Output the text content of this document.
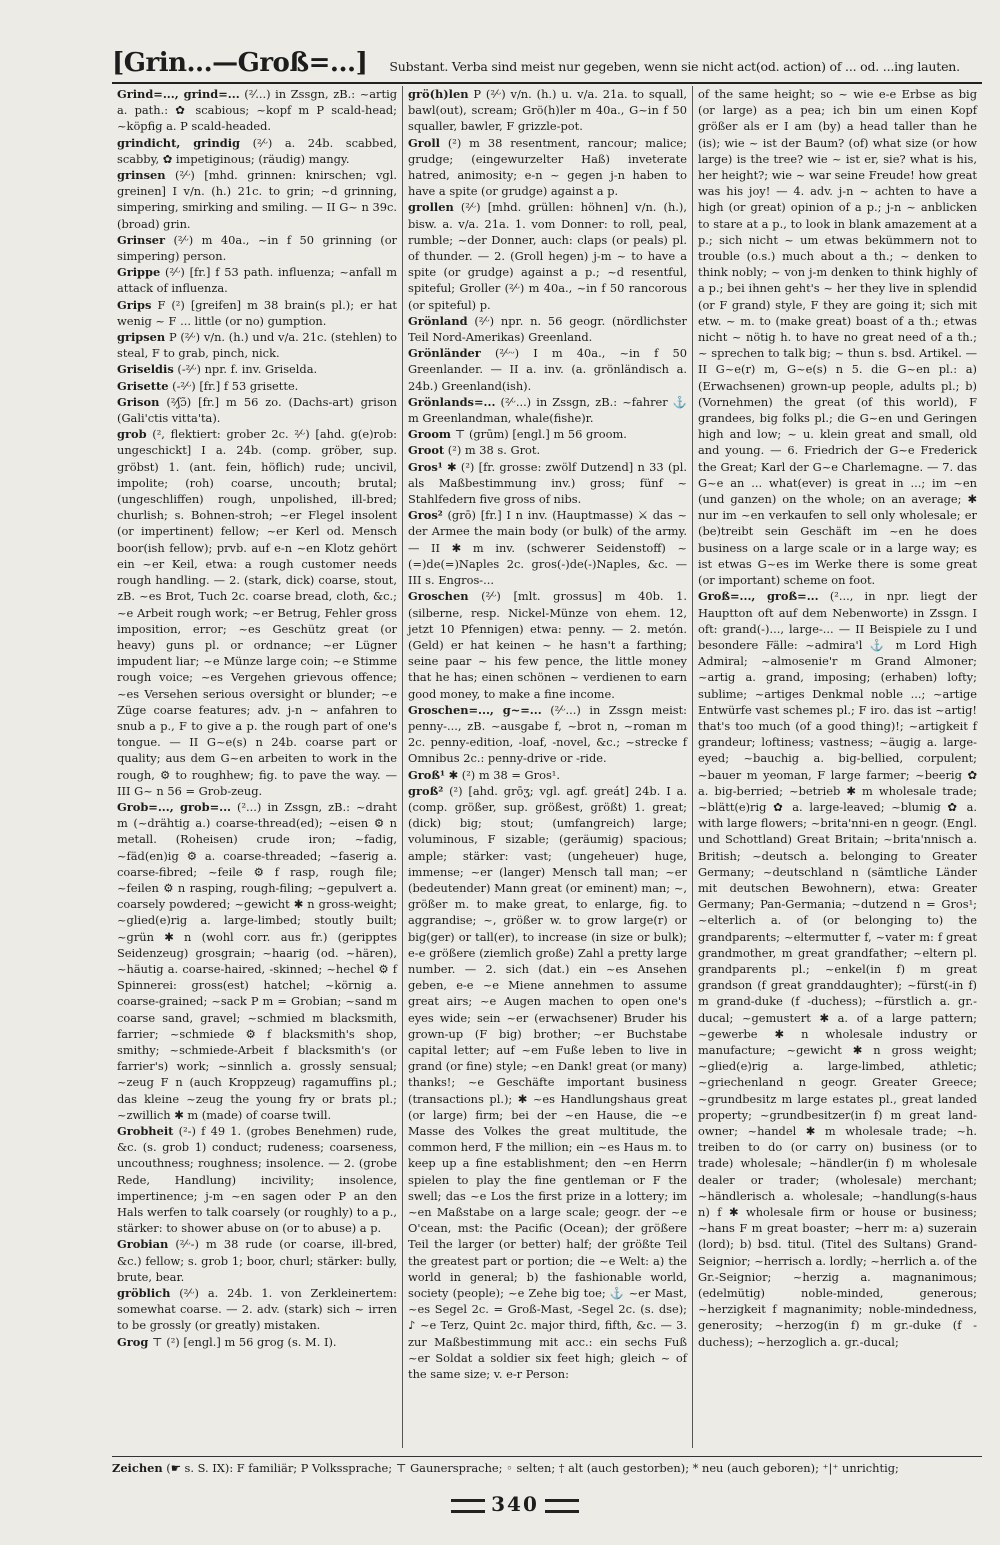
[Grin...—Groß=...] Substant. Verba sind meist nur gegeben, wenn sie nicht act(od. action) of ... od. ...ing lauten.

Grind=..., grind=... (²⁄...) in Zssgn, zB.: ~artig a. path.: ✿ scabious; ~kopf m P scald-head; ~köpfig a. P scald-headed.

grindicht, grindig (²⁄ᵕ) a. 24b. scabbed, scabby, ✿ impetiginous; (räudig) mangy.

grinsen (²⁄ᵕ) [mhd. grinnen: knirschen; vgl. greinen] I v/n. (h.) 21c. to grin; ~d grinning, simpering, smirking and smiling. — II G~ n 39c. (broad) grin.

Grinser (²⁄ᵕ) m 40a., ~in f 50 grinning (or simpering) person.

Grippe (²⁄ᵕ) [fr.] f 53 path. influenza; ~anfall m attack of influenza.

Grips F (²) [greifen] m 38 brain(s pl.); er hat wenig ~ F ... little (or no) gumption.

gripsen P (²⁄ᵕ) v/n. (h.) und v/a. 21c. (stehlen) to steal, F to grab, pinch, nick.

Griseldis (-²⁄ᵕ) npr. f. inv. Griselda.

Grisette (-²⁄ᵕ) [fr.] f 53 grisette.

Grison (²⁄ʃɔ̃) [fr.] m 56 zo. (Dachs-art) grison (Gali'ctis vitta'ta).

grob (², flektiert: grober 2c. ²⁄ᵕ) [ahd. g(e)rob: ungeschickt] I a. 24b. (comp. gröber, sup. gröbst) 1. (ant. fein, höflich) rude; uncivil, impolite; (roh) coarse, uncouth; brutal; (ungeschliffen) rough, unpolished, ill-bred; churlish; s. Bohnen-stroh; ~er Flegel insolent (or impertinent) fellow; ~er Kerl od. Mensch boor(ish fellow); prvb. auf e-n ~en Klotz gehört ein ~er Keil, etwa: a rough customer needs rough handling. — 2. (stark, dick) coarse, stout, zB. ~es Brot, Tuch 2c. coarse bread, cloth, &c.; ~e Arbeit rough work; ~er Betrug, Fehler gross imposition, error; ~es Geschütz great (or heavy) guns pl. or ordnance; ~er Lügner impudent liar; ~e Münze large coin; ~e Stimme rough voice; ~es Vergehen grievous offence; ~es Versehen serious oversight or blunder; ~e Züge coarse features; adv. j-n ~ anfahren to snub a p., F to give a p. the rough part of one's tongue. — II G~e(s) n 24b. coarse part or quality; aus dem G~en arbeiten to work in the rough, ⚙ to roughhew; fig. to pave the way. — III G~ n 56 = Grob-zeug.

Grob=..., grob=... (²...) in Zssgn, zB.: ~draht m (~drähtig a.) coarse-thread(ed); ~eisen ⚙ n metall. (Roheisen) crude iron; ~fadig, ~fäd(en)ig ⚙ a. coarse-threaded; ~faserig a. coarse-fibred; ~feile ⚙ f rasp, rough file; ~feilen ⚙ n rasping, rough-filing; ~gepulvert a. coarsely powdered; ~gewicht ✱ n gross-weight; ~glied(e)rig a. large-limbed; stoutly built; ~grün ✱ n (wohl corr. aus fr.) (geripptes Seidenzeug) grosgrain; ~haarig (od. ~hären), ~häutig a. coarse-haired, -skinned; ~hechel ⚙ f Spinnerei: gross(est) hatchel; ~körnig a. coarse-grained; ~sack P m = Grobian; ~sand m coarse sand, gravel; ~schmied m blacksmith, farrier; ~schmiede ⚙ f blacksmith's shop, smithy; ~schmiede-Arbeit f blacksmith's (or farrier's) work; ~sinnlich a. grossly sensual; ~zeug F n (auch Kroppzeug) ragamuffins pl.; das kleine ~zeug the young fry or brats pl.; ~zwillich ✱ m (made) of coarse twill.

Grobheit (²-) f 49 1. (grobes Benehmen) rude, &c. (s. grob 1) conduct; rudeness; coarseness, uncouthness; roughness; insolence. — 2. (grobe Rede, Handlung) incivility; insolence, impertinence; j-m ~en sagen oder P an den Hals werfen to talk coarsely (or roughly) to a p., stärker: to shower abuse on (or to abuse) a p.

Grobian (²⁄ᵕ-) m 38 rude (or coarse, ill-bred, &c.) fellow; s. grob 1; boor, churl; stärker: bully, brute, bear.

gröblich (²⁄ᵕ) a. 24b. 1. von Zerkleinertem: somewhat coarse. — 2. adv. (stark) sich ~ irren to be grossly (or greatly) mistaken.

Grog ⊤ (²) [engl.] m 56 grog (s. M. I).

grö(h)len P (²⁄ᵕ) v/n. (h.) u. v/a. 21a. to squall, bawl(out), scream; Grö(h)ler m 40a., G~in f 50 squaller, bawler, F grizzle-pot.

Groll (²) m 38 resentment, rancour; malice; grudge; (eingewurzelter Haß) inveterate hatred, animosity; e-n ~ gegen j-n haben to have a spite (or grudge) against a p.

grollen (²⁄ᵕ) [mhd. grüllen: höhnen] v/n. (h.), bisw. a. v/a. 21a. 1. vom Donner: to roll, peal, rumble; ~der Donner, auch: claps (or peals) pl. of thunder. — 2. (Groll hegen) j-m ~ to have a spite (or grudge) against a p.; ~d resentful, spiteful; Groller (²⁄ᵕ) m 40a., ~in f 50 rancorous (or spiteful) p.

Grönland (²⁄ᵕ) npr. n. 56 geogr. (nördlichster Teil Nord-Amerikas) Greenland.

Grönländer (²⁄ᵕᵕ) I m 40a., ~in f 50 Greenlander. — II a. inv. (a. grönländisch a. 24b.) Greenland(ish).

Grönlands=... (²⁄ᵕ...) in Zssgn, zB.: ~fahrer ⚓ m Greenlandman, whale(fishe)r.

Groom ⊤ (grūm) [engl.] m 56 groom.

Groot (²) m 38 s. Grot.

Gros¹ ✱ (²) [fr. grosse: zwölf Dutzend] n 33 (pl. als Maßbestimmung inv.) gross; fünf ~ Stahlfedern five gross of nibs.

Gros² (grō) [fr.] I n inv. (Hauptmasse) ⚔ das ~ der Armee the main body (or bulk) of the army. — II ✱ m inv. (schwerer Seidenstoff) ~(=)de(=)Naples 2c. gros(-)de(-)Naples, &c. — III s. Engros-...

Groschen (²⁄ᵕ) [mlt. grossus] m 40b. 1. (silberne, resp. Nickel-Münze von ehem. 12, jetzt 10 Pfennigen) etwa: penny. — 2. metón. (Geld) er hat keinen ~ he hasn't a farthing; seine paar ~ his few pence, the little money that he has; einen schönen ~ verdienen to earn good money, to make a fine income.

Groschen=..., g~=... (²⁄ᵕ...) in Zssgn meist: penny-..., zB. ~ausgabe f, ~brot n, ~roman m 2c. penny-edition, -loaf, -novel, &c.; ~strecke f Omnibus 2c.: penny-drive or -ride.

Groß¹ ✱ (²) m 38 = Gros¹.

groß² (²) [ahd. grōʒ; vgl. agf. greát] 24b. I a. (comp. größer, sup. größest, größt) 1. great; (dick) big; stout; (umfangreich) large; voluminous, F sizable; (geräumig) spacious; ample; stärker: vast; (ungeheuer) huge, immense; ~er (langer) Mensch tall man; ~er (bedeutender) Mann great (or eminent) man; ~, größer m. to make great, to enlarge, fig. to aggrandise; ~, größer w. to grow large(r) or big(ger) or tall(er), to increase (in size or bulk); e-e größere (ziemlich große) Zahl a pretty large number. — 2. sich (dat.) ein ~es Ansehen geben, e-e ~e Miene annehmen to assume great airs; ~e Augen machen to open one's eyes wide; sein ~er (erwachsener) Bruder his grown-up (F big) brother; ~er Buchstabe capital letter; auf ~em Fuße leben to live in grand (or fine) style; ~en Dank! great (or many) thanks!; ~e Geschäfte important business (transactions pl.); ✱ ~es Handlungshaus great (or large) firm; bei der ~en Hause, die ~e Masse des Volkes the great multitude, the common herd, F the million; ein ~es Haus m. to keep up a fine establishment; den ~en Herrn spielen to play the fine gentleman or F the swell; das ~e Los the first prize in a lottery; im ~en Maßstabe on a large scale; geogr. der ~e O'cean, mst: the Pacific (Ocean); der größere Teil the larger (or better) half; der größte Teil the greatest part or portion; die ~e Welt: a) the world in general; b) the fashionable world, society (people); ~e Zehe big toe; ⚓ ~er Mast, ~es Segel 2c. = Groß-Mast, -Segel 2c. (s. dse); ♪ ~e Terz, Quint 2c. major third, fifth, &c. — 3. zur Maßbestimmung mit acc.: ein sechs Fuß ~er Soldat a soldier six feet high; gleich ~ of the same size; v. e-r Person:

of the same height; so ~ wie e-e Erbse as big (or large) as a pea; ich bin um einen Kopf größer als er I am (by) a head taller than he (is); wie ~ ist der Baum? (of) what size (or how large) is the tree? wie ~ ist er, sie? what is his, her height?; wie ~ war seine Freude! how great was his joy! — 4. adv. j-n ~ achten to have a high (or great) opinion of a p.; j-n ~ anblicken to stare at a p., to look in blank amazement at a p.; sich nicht ~ um etwas bekümmern not to trouble (o.s.) much about a th.; ~ denken to think nobly; ~ von j-m denken to think highly of a p.; bei ihnen geht's ~ her they live in splendid (or F grand) style, F they are going it; sich mit etw. ~ m. to (make great) boast of a th.; etwas nicht ~ nötig h. to have no great need of a th.; ~ sprechen to talk big; ~ thun s. bsd. Artikel. — II G~e(r) m, G~e(s) n 5. die G~en pl.: a) (Erwachsenen) grown-up people, adults pl.; b) (Vornehmen) the great (of this world), F grandees, big folks pl.; die G~en und Geringen high and low; ~ u. klein great and small, old and young. — 6. Friedrich der G~e Frederick the Great; Karl der G~e Charlemagne. — 7. das G~e an ... what(ever) is great in ...; im ~en (und ganzen) on the whole; on an average; ✱ nur im ~en verkaufen to sell only wholesale; er (be)treibt sein Geschäft im ~en he does business on a large scale or in a large way; es ist etwas G~es im Werke there is some great (or important) scheme on foot.

Groß=..., groß=... (²..., in npr. liegt der Hauptton oft auf dem Nebenworte) in Zssgn. I oft: grand(-)..., large-... — II Beispiele zu I und besondere Fälle: ~admira'l ⚓ m Lord High Admiral; ~almosenie'r m Grand Almoner; ~artig a. grand, imposing; (erhaben) lofty; sublime; ~artiges Denkmal noble ...; ~artige Entwürfe vast schemes pl.; F iro. das ist ~artig! that's too much (of a good thing)!; ~artigkeit f grandeur; loftiness; vastness; ~äugig a. large-eyed; ~bauchig a. big-bellied, corpulent; ~bauer m yeoman, F large farmer; ~beerig ✿ a. big-berried; ~betrieb ✱ m wholesale trade; ~blätt(e)rig ✿ a. large-leaved; ~blumig ✿ a. with large flowers; ~brita'nni-en n geogr. (Engl. und Schottland) Great Britain; ~brita'nnisch a. British; ~deutsch a. belonging to Greater Germany; ~deutschland n (sämtliche Länder mit deutschen Bewohnern), etwa: Greater Germany; Pan-Germania; ~dutzend n = Gros¹; ~elterlich a. of (or belonging to) the grandparents; ~eltermutter f, ~vater m: f great grandmother, m great grandfather; ~eltern pl. grandparents pl.; ~enkel(in f) m great grandson (f great granddaughter); ~fürst(-in f) m grand-duke (f -duchess); ~fürstlich a. gr.-ducal; ~gemustert ✱ a. of a large pattern; ~gewerbe ✱ n wholesale industry or manufacture; ~gewicht ✱ n gross weight; ~glied(e)rig a. large-limbed, athletic; ~griechenland n geogr. Greater Greece; ~grundbesitz m large estates pl., great landed property; ~grundbesitzer(in f) m great land-owner; ~handel ✱ m wholesale trade; ~h. treiben to do (or carry on) business (or to trade) wholesale; ~händler(in f) m wholesale dealer or trader; (wholesale) merchant; ~händlerisch a. wholesale; ~handlung(s-haus n) f ✱ wholesale firm or house or business; ~hans F m great boaster; ~herr m: a) suzerain (lord); b) bsd. titul. (Titel des Sultans) Grand-Seignior; ~herrisch a. lordly; ~herrlich a. of the Gr.-Seignior; ~herzig a. magnanimous; (edelmütig) noble-minded, generous; ~herzigkeit f magnanimity; noble-mindedness, generosity; ~herzog(in f) m gr.-duke (f -duchess); ~herzoglich a. gr.-ducal;

Zeichen (☛ s. S. IX): F familiär; P Volkssprache; ⊤ Gaunersprache; ◦ selten; † alt (auch gestorben); * neu (auch geboren); ⁺|⁺ unrichtig;
340
